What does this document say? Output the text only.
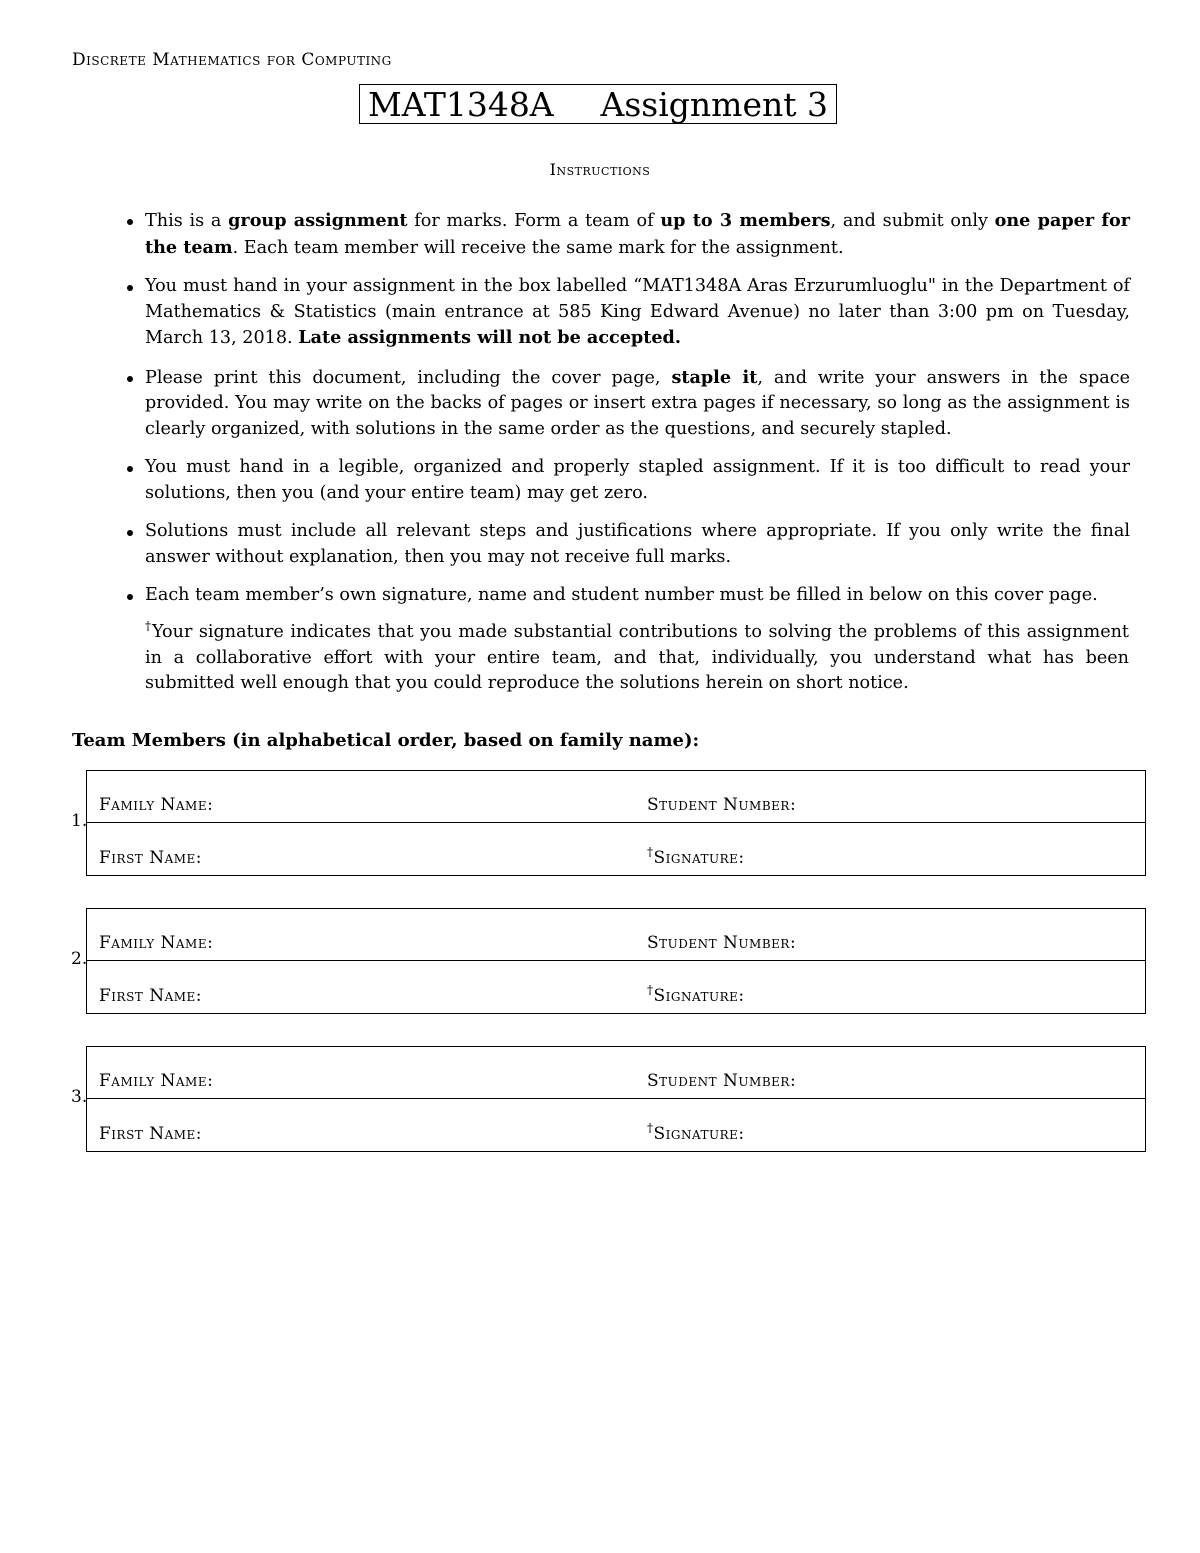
Discrete Mathematics for Computing
MAT1348A Assignment 3
Instructions
This is a group assignment for marks. Form a team of up to 3 members, and submit only one paper for the team. Each team member will receive the same mark for the assignment.
You must hand in your assignment in the box labelled “MAT1348A Aras Erzurumluoglu" in the Department of Mathematics & Statistics (main entrance at 585 King Edward Avenue) no later than 3:00 pm on Tuesday, March 13, 2018. Late assignments will not be accepted.
Please print this document, including the cover page, staple it, and write your answers in the space provided. You may write on the backs of pages or insert extra pages if necessary, so long as the assignment is clearly organized, with solutions in the same order as the questions, and securely stapled.
You must hand in a legible, organized and properly stapled assignment. If it is too difficult to read your solutions, then you (and your entire team) may get zero.
Solutions must include all relevant steps and justifications where appropriate. If you only write the final answer without explanation, then you may not receive full marks.
Each team member’s own signature, name and student number must be filled in below on this cover page.
†Your signature indicates that you made substantial contributions to solving the problems of this assignment in a collaborative effort with your entire team, and that, individually, you understand what has been submitted well enough that you could reproduce the solutions herein on short notice.
Team Members (in alphabetical order, based on family name):
1.
Family Name:	Student Number:
First Name:	†Signature:
2.
Family Name:	Student Number:
First Name:	†Signature:
3.
Family Name:	Student Number:
First Name:	†Signature:
